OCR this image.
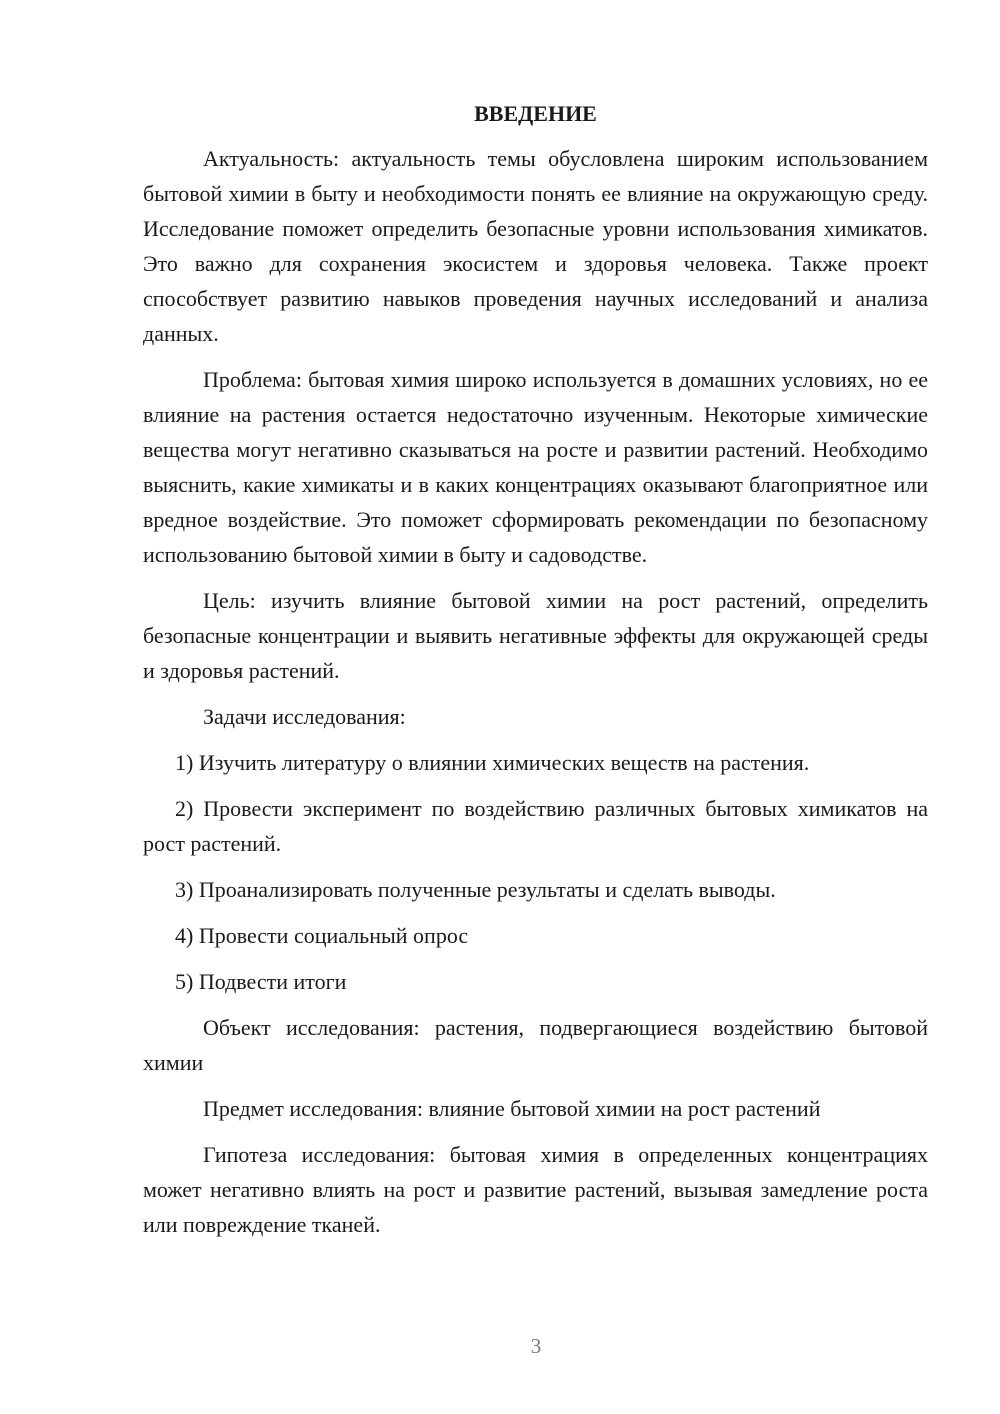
ВВЕДЕНИЕ

Актуальность: актуальность темы обусловлена широким использованием бытовой химии в быту и необходимости понять ее влияние на окружающую среду. Исследование поможет определить безопасные уровни использования химикатов. Это важно для сохранения экосистем и здоровья человека. Также проект способствует развитию навыков проведения научных исследований и анализа данных.

Проблема: бытовая химия широко используется в домашних условиях, но ее влияние на растения остается недостаточно изученным. Некоторые химические вещества могут негативно сказываться на росте и развитии растений. Необходимо выяснить, какие химикаты и в каких концентрациях оказывают благоприятное или вредное воздействие. Это поможет сформировать рекомендации по безопасному использованию бытовой химии в быту и садоводстве.

Цель: изучить влияние бытовой химии на рост растений, определить безопасные концентрации и выявить негативные эффекты для окружающей среды и здоровья растений.

Задачи исследования:

1) Изучить литературу о влиянии химических веществ на растения.

2) Провести эксперимент по воздействию различных бытовых химикатов на рост растений.

3) Проанализировать полученные результаты и сделать выводы.

4) Провести социальный опрос

5) Подвести итоги

Объект исследования: растения, подвергающиеся воздействию бытовой химии

Предмет исследования: влияние бытовой химии на рост растений

Гипотеза исследования: бытовая химия в определенных концентрациях может негативно влиять на рост и развитие растений, вызывая замедление роста или повреждение тканей.

3
